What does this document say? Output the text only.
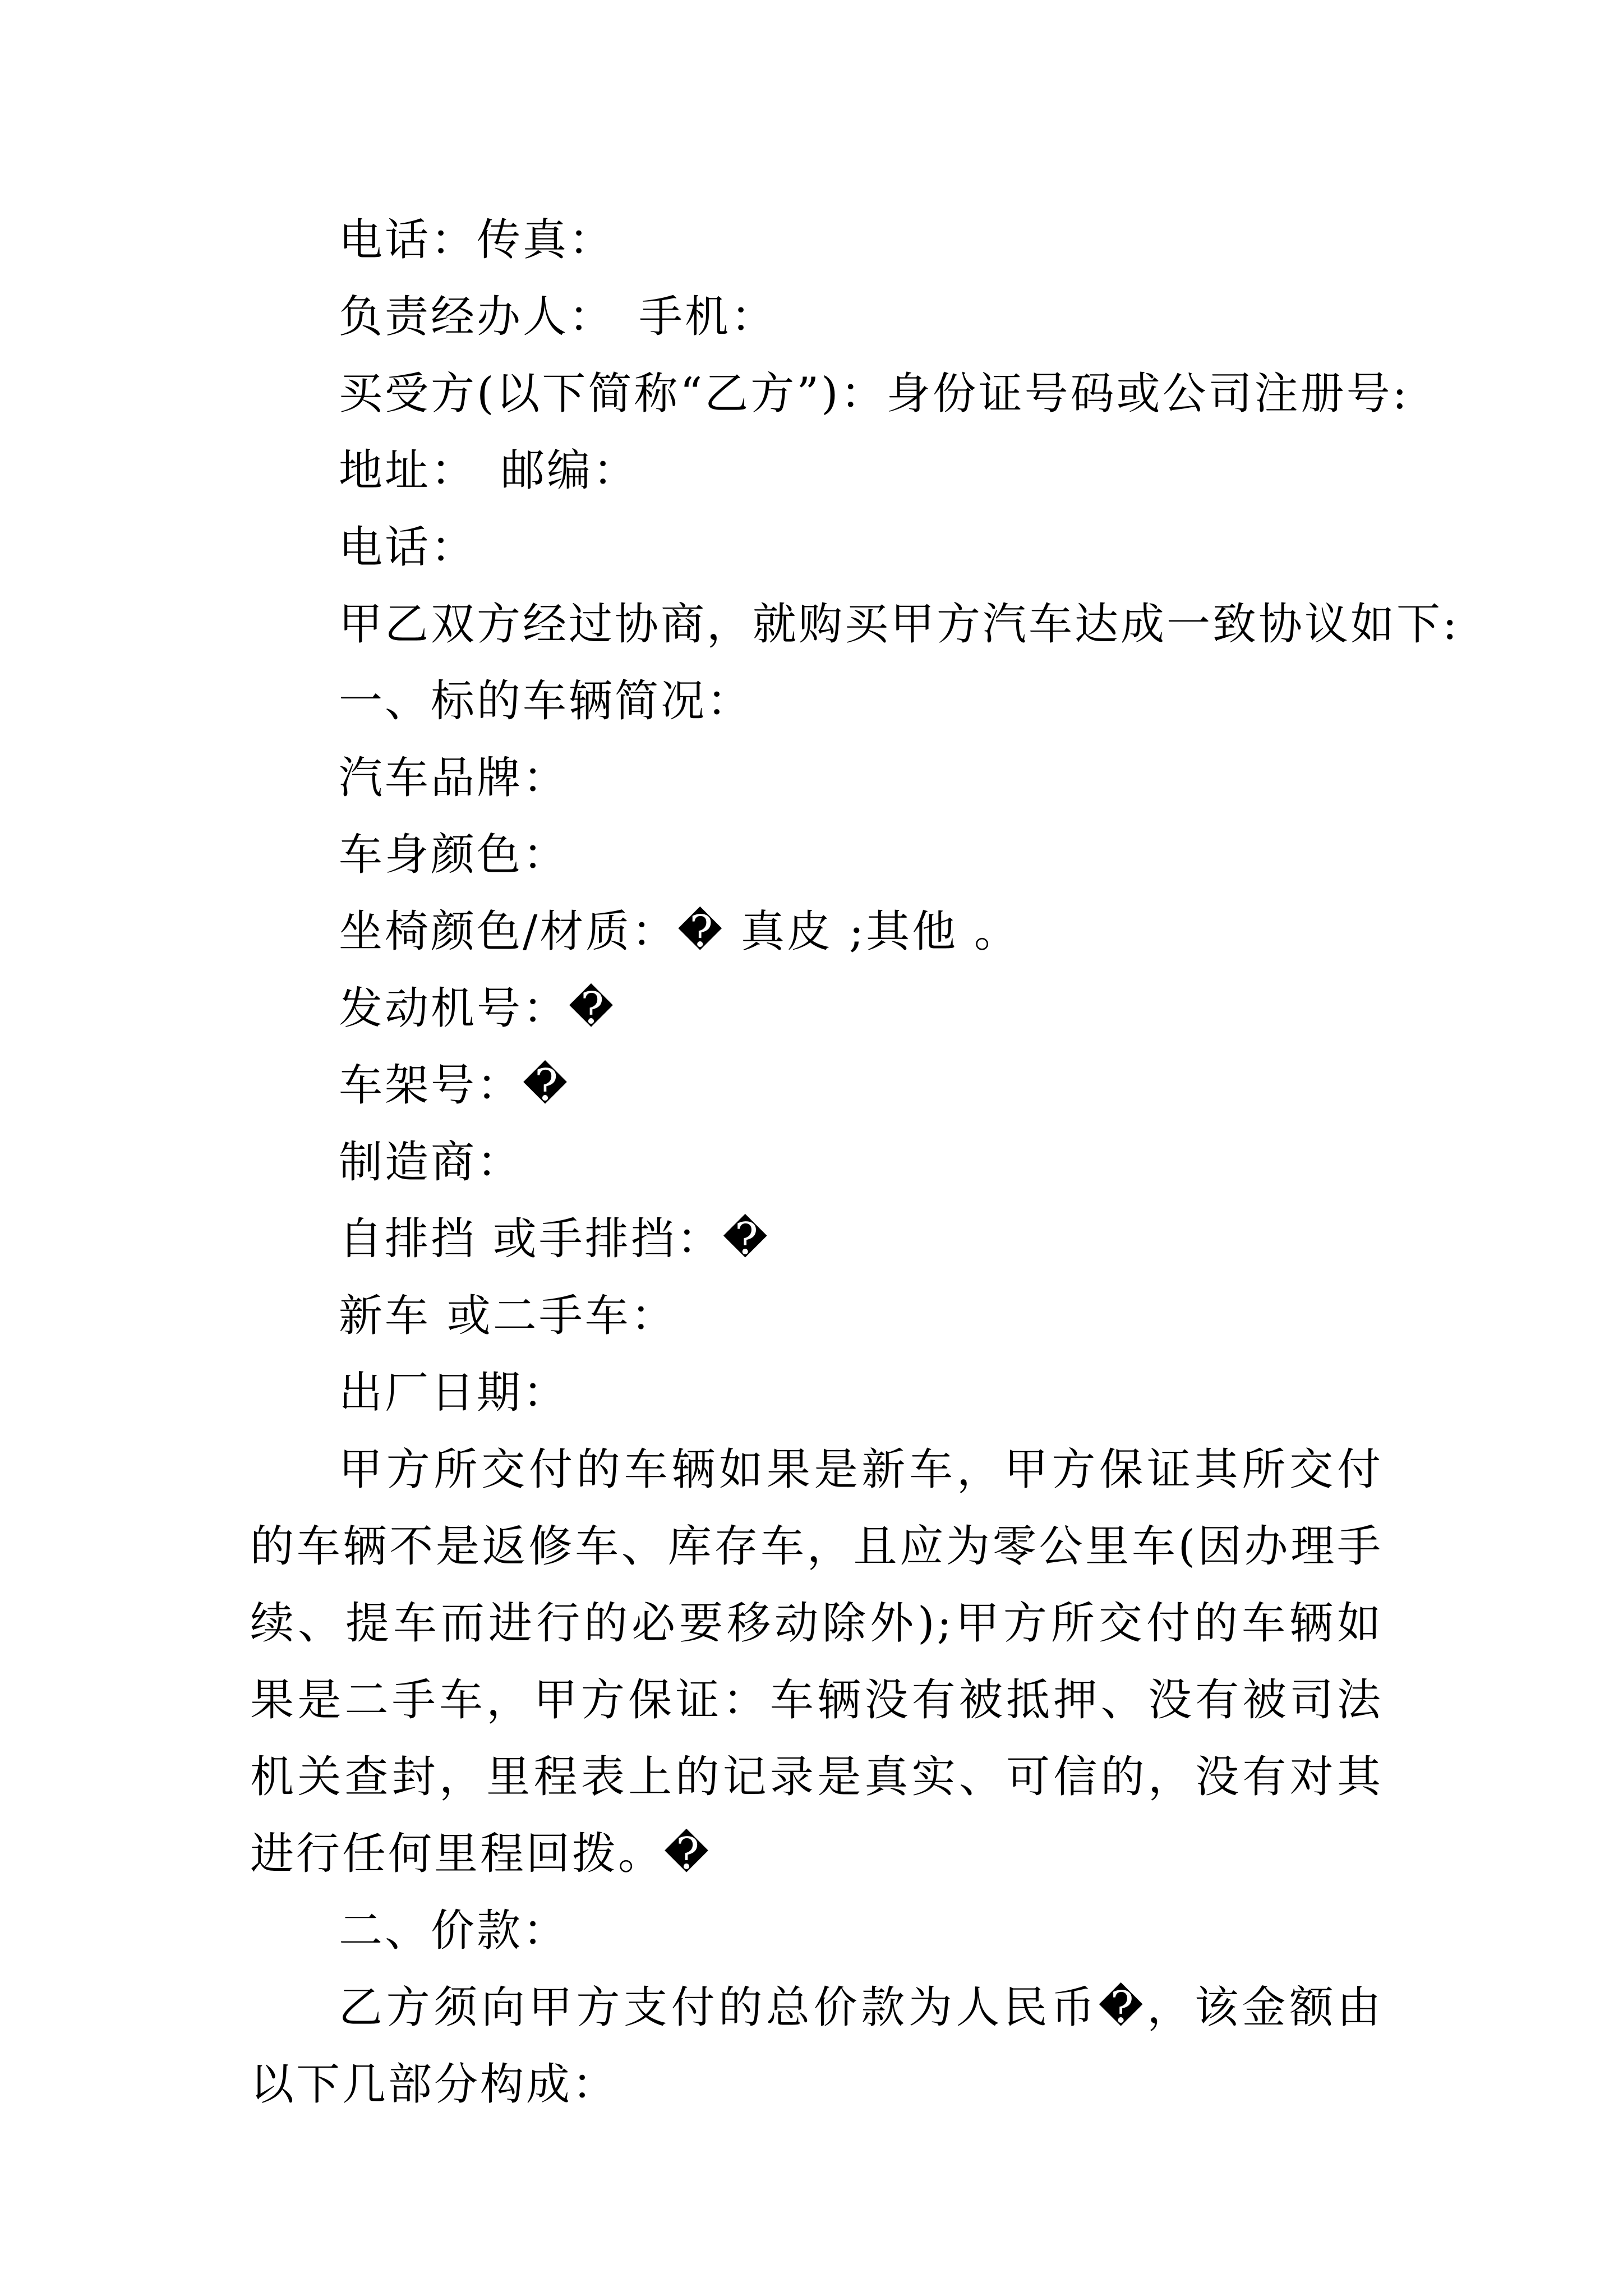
电话：传真：
负责经办人：　手机：
买受方(以下简称“乙方”)：身份证号码或公司注册号:
地址：　邮编：
电话：
甲乙双方经过协商，就购买甲方汽车达成一致协议如下:
一、标的车辆简况：
汽车品牌：
车身颜色：
坐椅颜色/材质：� 真皮 ;其他 。
发动机号：�
车架号：�
制造商：
自排挡 或手排挡：�
新车 或二手车：
出厂日期：
甲方所交付的车辆如果是新车，甲方保证其所交付的车辆不是返修车、库存车，且应为零公里车(因办理手续、提车而进行的必要移动除外);甲方所交付的车辆如果是二手车，甲方保证：车辆没有被抵押、没有被司法机关查封，里程表上的记录是真实、可信的，没有对其进行任何里程回拨。�
二、价款：
乙方须向甲方支付的总价款为人民币�，该金额由以下几部分构成：
